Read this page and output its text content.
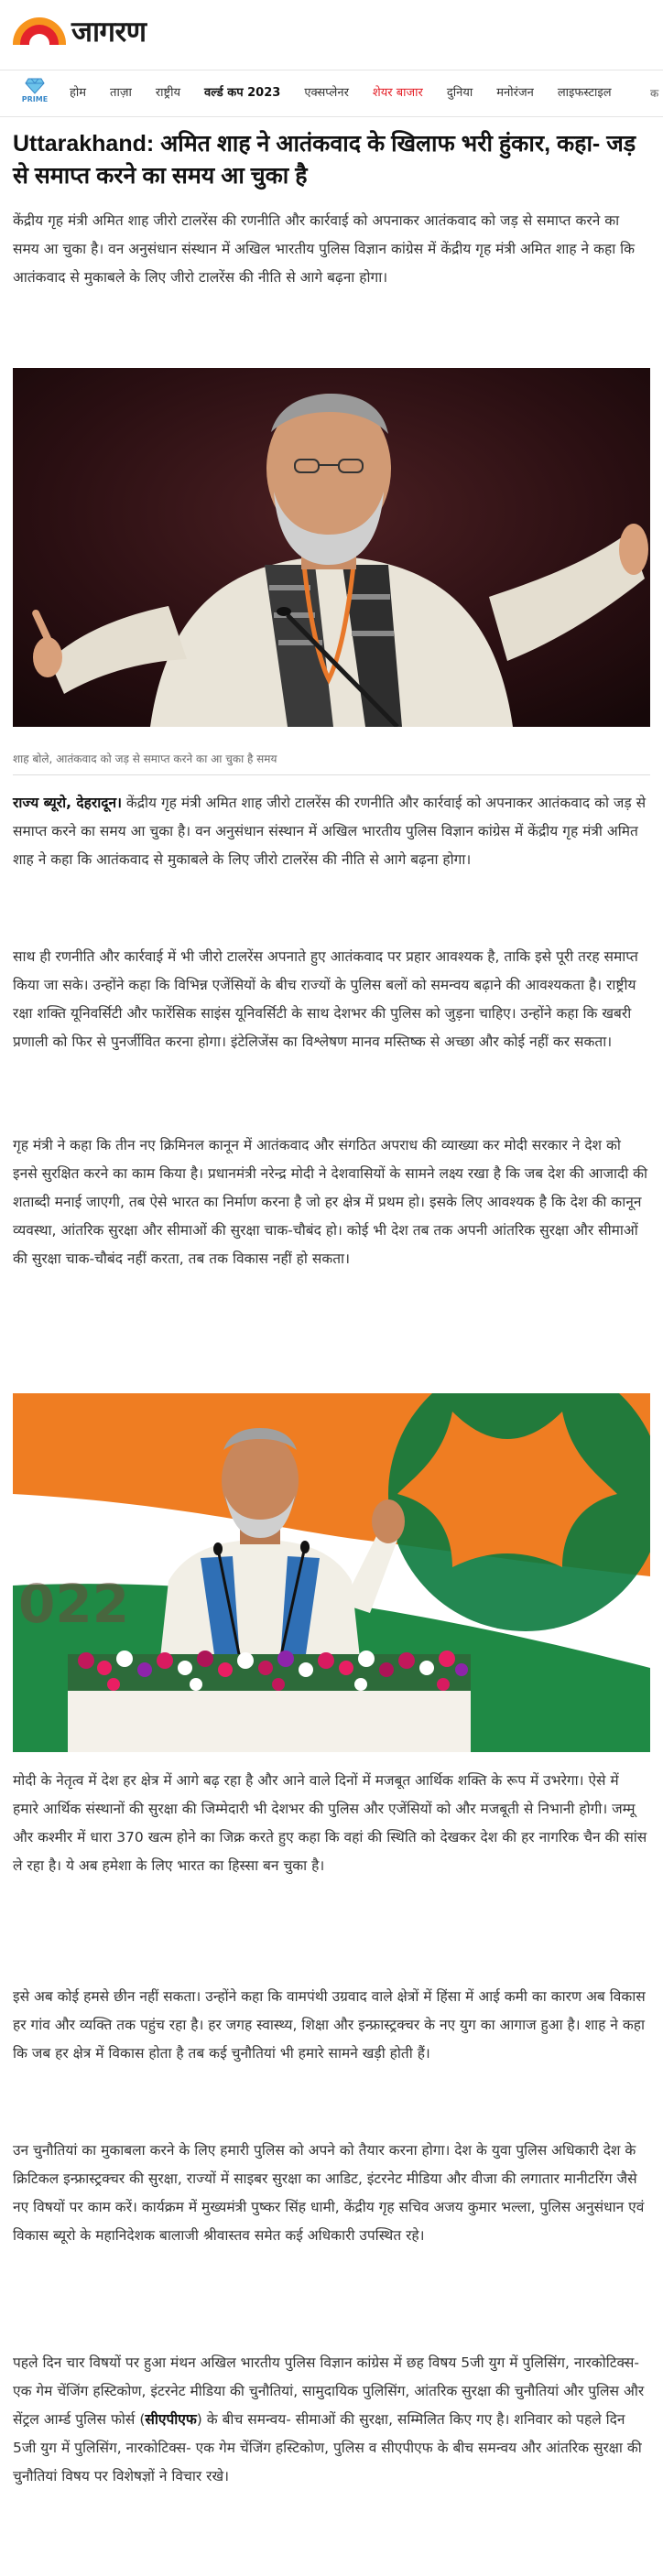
जागरण
PRIME होम ताज़ा राष्ट्रीय वर्ल्ड कप 2023 एक्सप्लेनर शेयर बाजार दुनिया मनोरंजन लाइफस्टाइल	क
Uttarakhand: अमित शाह ने आतंकवाद के खिलाफ भरी हुंकार, कहा- जड़ से समाप्त करने का समय आ चुका है

केंद्रीय गृह मंत्री अमित शाह जीरो टालरेंस की रणनीति और कार्रवाई को अपनाकर आतंकवाद को जड़ से समाप्त करने का समय आ चुका है। वन अनुसंधान संस्थान में अखिल भारतीय पुलिस विज्ञान कांग्रेस में केंद्रीय गृह मंत्री अमित शाह ने कहा कि आतंकवाद से मुकाबले के लिए जीरो टालरेंस की नीति से आगे बढ़ना होगा।

शाह बोले, आतंकवाद को जड़ से समाप्त करने का आ चुका है समय

राज्य ब्यूरो, देहरादून। केंद्रीय गृह मंत्री अमित शाह जीरो टालरेंस की रणनीति और कार्रवाई को अपनाकर आतंकवाद को जड़ से समाप्त करने का समय आ चुका है। वन अनुसंधान संस्थान में अखिल भारतीय पुलिस विज्ञान कांग्रेस में केंद्रीय गृह मंत्री अमित शाह ने कहा कि आतंकवाद से मुकाबले के लिए जीरो टालरेंस की नीति से आगे बढ़ना होगा।

साथ ही रणनीति और कार्रवाई में भी जीरो टालरेंस अपनाते हुए आतंकवाद पर प्रहार आवश्यक है, ताकि इसे पूरी तरह समाप्त किया जा सके। उन्होंने कहा कि विभिन्न एजेंसियों के बीच राज्यों के पुलिस बलों को समन्वय बढ़ाने की आवश्यकता है। राष्ट्रीय रक्षा शक्ति यूनिवर्सिटी और फारेंसिक साइंस यूनिवर्सिटी के साथ देशभर की पुलिस को जुड़ना चाहिए। उन्होंने कहा कि खबरी प्रणाली को फिर से पुनर्जीवित करना होगा। इंटेलिजेंस का विश्लेषण मानव मस्तिष्क से अच्छा और कोई नहीं कर सकता।

गृह मंत्री ने कहा कि तीन नए क्रिमिनल कानून में आतंकवाद और संगठित अपराध की व्याख्या कर मोदी सरकार ने देश को इनसे सुरक्षित करने का काम किया है। प्रधानमंत्री नरेन्द्र मोदी ने देशवासियों के सामने लक्ष्य रखा है कि जब देश की आजादी की शताब्दी मनाई जाएगी, तब ऐसे भारत का निर्माण करना है जो हर क्षेत्र में प्रथम हो। इसके लिए आवश्यक है कि देश की कानून व्यवस्था, आंतरिक सुरक्षा और सीमाओं की सुरक्षा चाक-चौबंद हो। कोई भी देश तब तक अपनी आंतरिक सुरक्षा और सीमाओं की सुरक्षा चाक-चौबंद नहीं करता, तब तक विकास नहीं हो सकता।

022

मोदी के नेतृत्व में देश हर क्षेत्र में आगे बढ़ रहा है और आने वाले दिनों में मजबूत आर्थिक शक्ति के रूप में उभरेगा। ऐसे में हमारे आर्थिक संस्थानों की सुरक्षा की जिम्मेदारी भी देशभर की पुलिस और एजेंसियों को और मजबूती से निभानी होगी। जम्मू और कश्मीर में धारा 370 खत्म होने का जिक्र करते हुए कहा कि वहां की स्थिति को देखकर देश की हर नागरिक चैन की सांस ले रहा है। ये अब हमेशा के लिए भारत का हिस्सा बन चुका है।

इसे अब कोई हमसे छीन नहीं सकता। उन्होंने कहा कि वामपंथी उग्रवाद वाले क्षेत्रों में हिंसा में आई कमी का कारण अब विकास हर गांव और व्यक्ति तक पहुंच रहा है। हर जगह स्वास्थ्य, शिक्षा और इन्फ्रास्ट्रक्चर के नए युग का आगाज हुआ है। शाह ने कहा कि जब हर क्षेत्र में विकास होता है तब कई चुनौतियां भी हमारे सामने खड़ी होती हैं।

उन चुनौतियां का मुकाबला करने के लिए हमारी पुलिस को अपने को तैयार करना होगा। देश के युवा पुलिस अधिकारी देश के क्रिटिकल इन्फ्रास्ट्रक्चर की सुरक्षा, राज्यों में साइबर सुरक्षा का आडिट, इंटरनेट मीडिया और वीजा की लगातार मानीटरिंग जैसे नए विषयों पर काम करें। कार्यक्रम में मुख्यमंत्री पुष्कर सिंह धामी, केंद्रीय गृह सचिव अजय कुमार भल्ला, पुलिस अनुसंधान एवं विकास ब्यूरो के महानिदेशक बालाजी श्रीवास्तव समेत कई अधिकारी उपस्थित रहे।

पहले दिन चार विषयों पर हुआ मंथन अखिल भारतीय पुलिस विज्ञान कांग्रेस में छह विषय 5जी युग में पुलिसिंग, नारकोटिक्स-एक गेम चेंजिंग हस्टिकोण, इंटरनेट मीडिया की चुनौतियां, सामुदायिक पुलिसिंग, आंतरिक सुरक्षा की चुनौतियां और पुलिस और सेंट्रल आर्म्ड पुलिस फोर्स (सीएपीएफ) के बीच समन्वय- सीमाओं की सुरक्षा, सम्मिलित किए गए है। शनिवार को पहले दिन 5जी युग में पुलिसिंग, नारकोटिक्स- एक गेम चेंजिंग हस्टिकोण, पुलिस व सीएपीएफ के बीच समन्वय और आंतरिक सुरक्षा की चुनौतियां विषय पर विशेषज्ञों ने विचार रखे।
